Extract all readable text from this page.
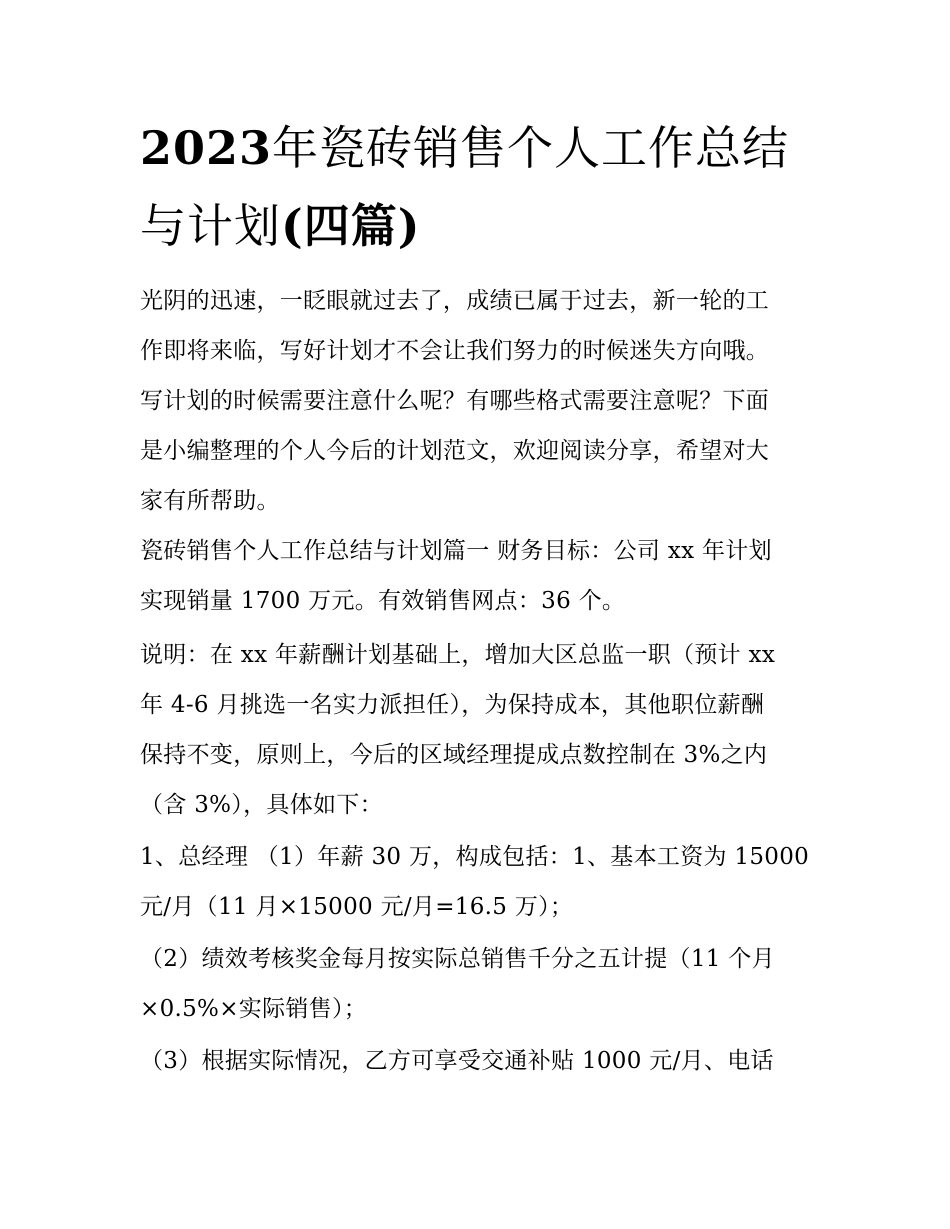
2023年瓷砖销售个人工作总结
与计划(四篇)
光阴的迅速，一眨眼就过去了，成绩已属于过去，新一轮的工
作即将来临，写好计划才不会让我们努力的时候迷失方向哦。
写计划的时候需要注意什么呢？有哪些格式需要注意呢？下面
是小编整理的个人今后的计划范文，欢迎阅读分享，希望对大
家有所帮助。
瓷砖销售个人工作总结与计划篇一 财务目标：公司 xx 年计划
实现销量 1700 万元。有效销售网点：36 个。
说明：在 xx 年薪酬计划基础上，增加大区总监一职（预计 xx
年 4-6 月挑选一名实力派担任），为保持成本，其他职位薪酬
保持不变，原则上，今后的区域经理提成点数控制在 3%之内
（含 3%），具体如下：
1、总经理 （1）年薪 30 万，构成包括：1、基本工资为 15000
元/月（11 月×15000 元/月=16.5 万）；
（2）绩效考核奖金每月按实际总销售千分之五计提（11 个月
×0.5%×实际销售）；
（3）根据实际情况，乙方可享受交通补贴 1000 元/月、电话
